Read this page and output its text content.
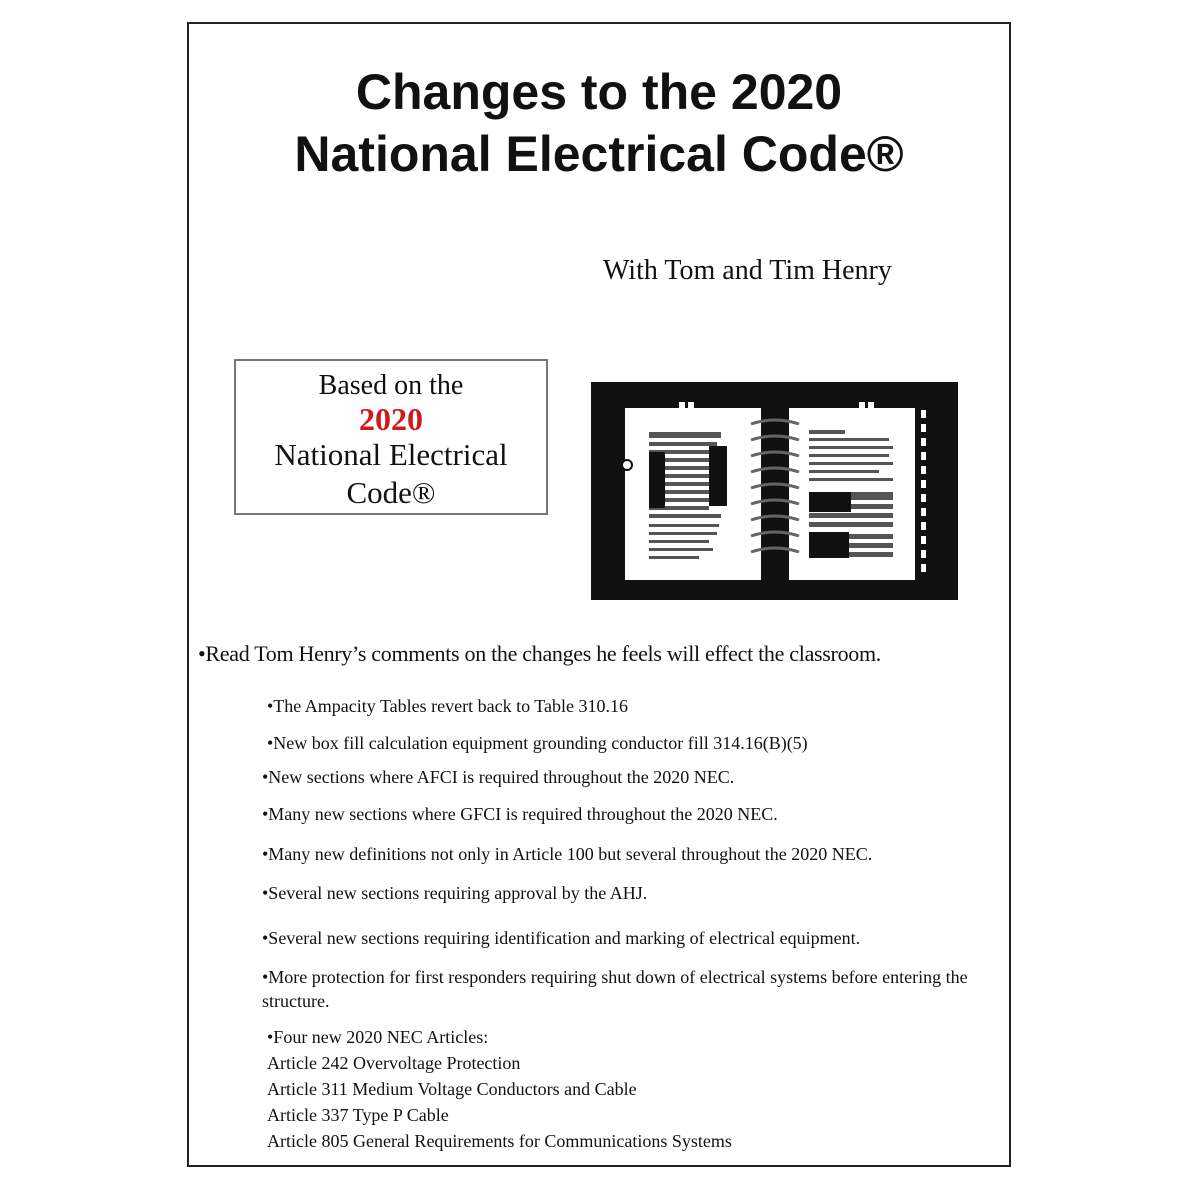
Changes to the 2020
National Electrical Code®
With Tom and Tim Henry
Based on the
2020
National Electrical
Code®
•Read Tom Henry’s comments on the changes he feels will effect the classroom.
•The Ampacity Tables revert back to Table 310.16
•New box fill calculation equipment grounding conductor fill 314.16(B)(5)
•New sections where AFCI is required throughout the 2020 NEC.
•Many new sections where GFCI is required throughout the 2020 NEC.
•Many new definitions not only in Article 100 but several throughout the 2020 NEC.
•Several new sections requiring approval by the AHJ.
•Several new sections requiring identification and marking of electrical equipment.
•More protection for first responders requiring shut down of electrical systems before entering the structure.
•Four new 2020 NEC Articles:
Article 242 Overvoltage Protection
Article 311 Medium Voltage Conductors and Cable
Article 337 Type P Cable
Article 805 General Requirements for Communications Systems
